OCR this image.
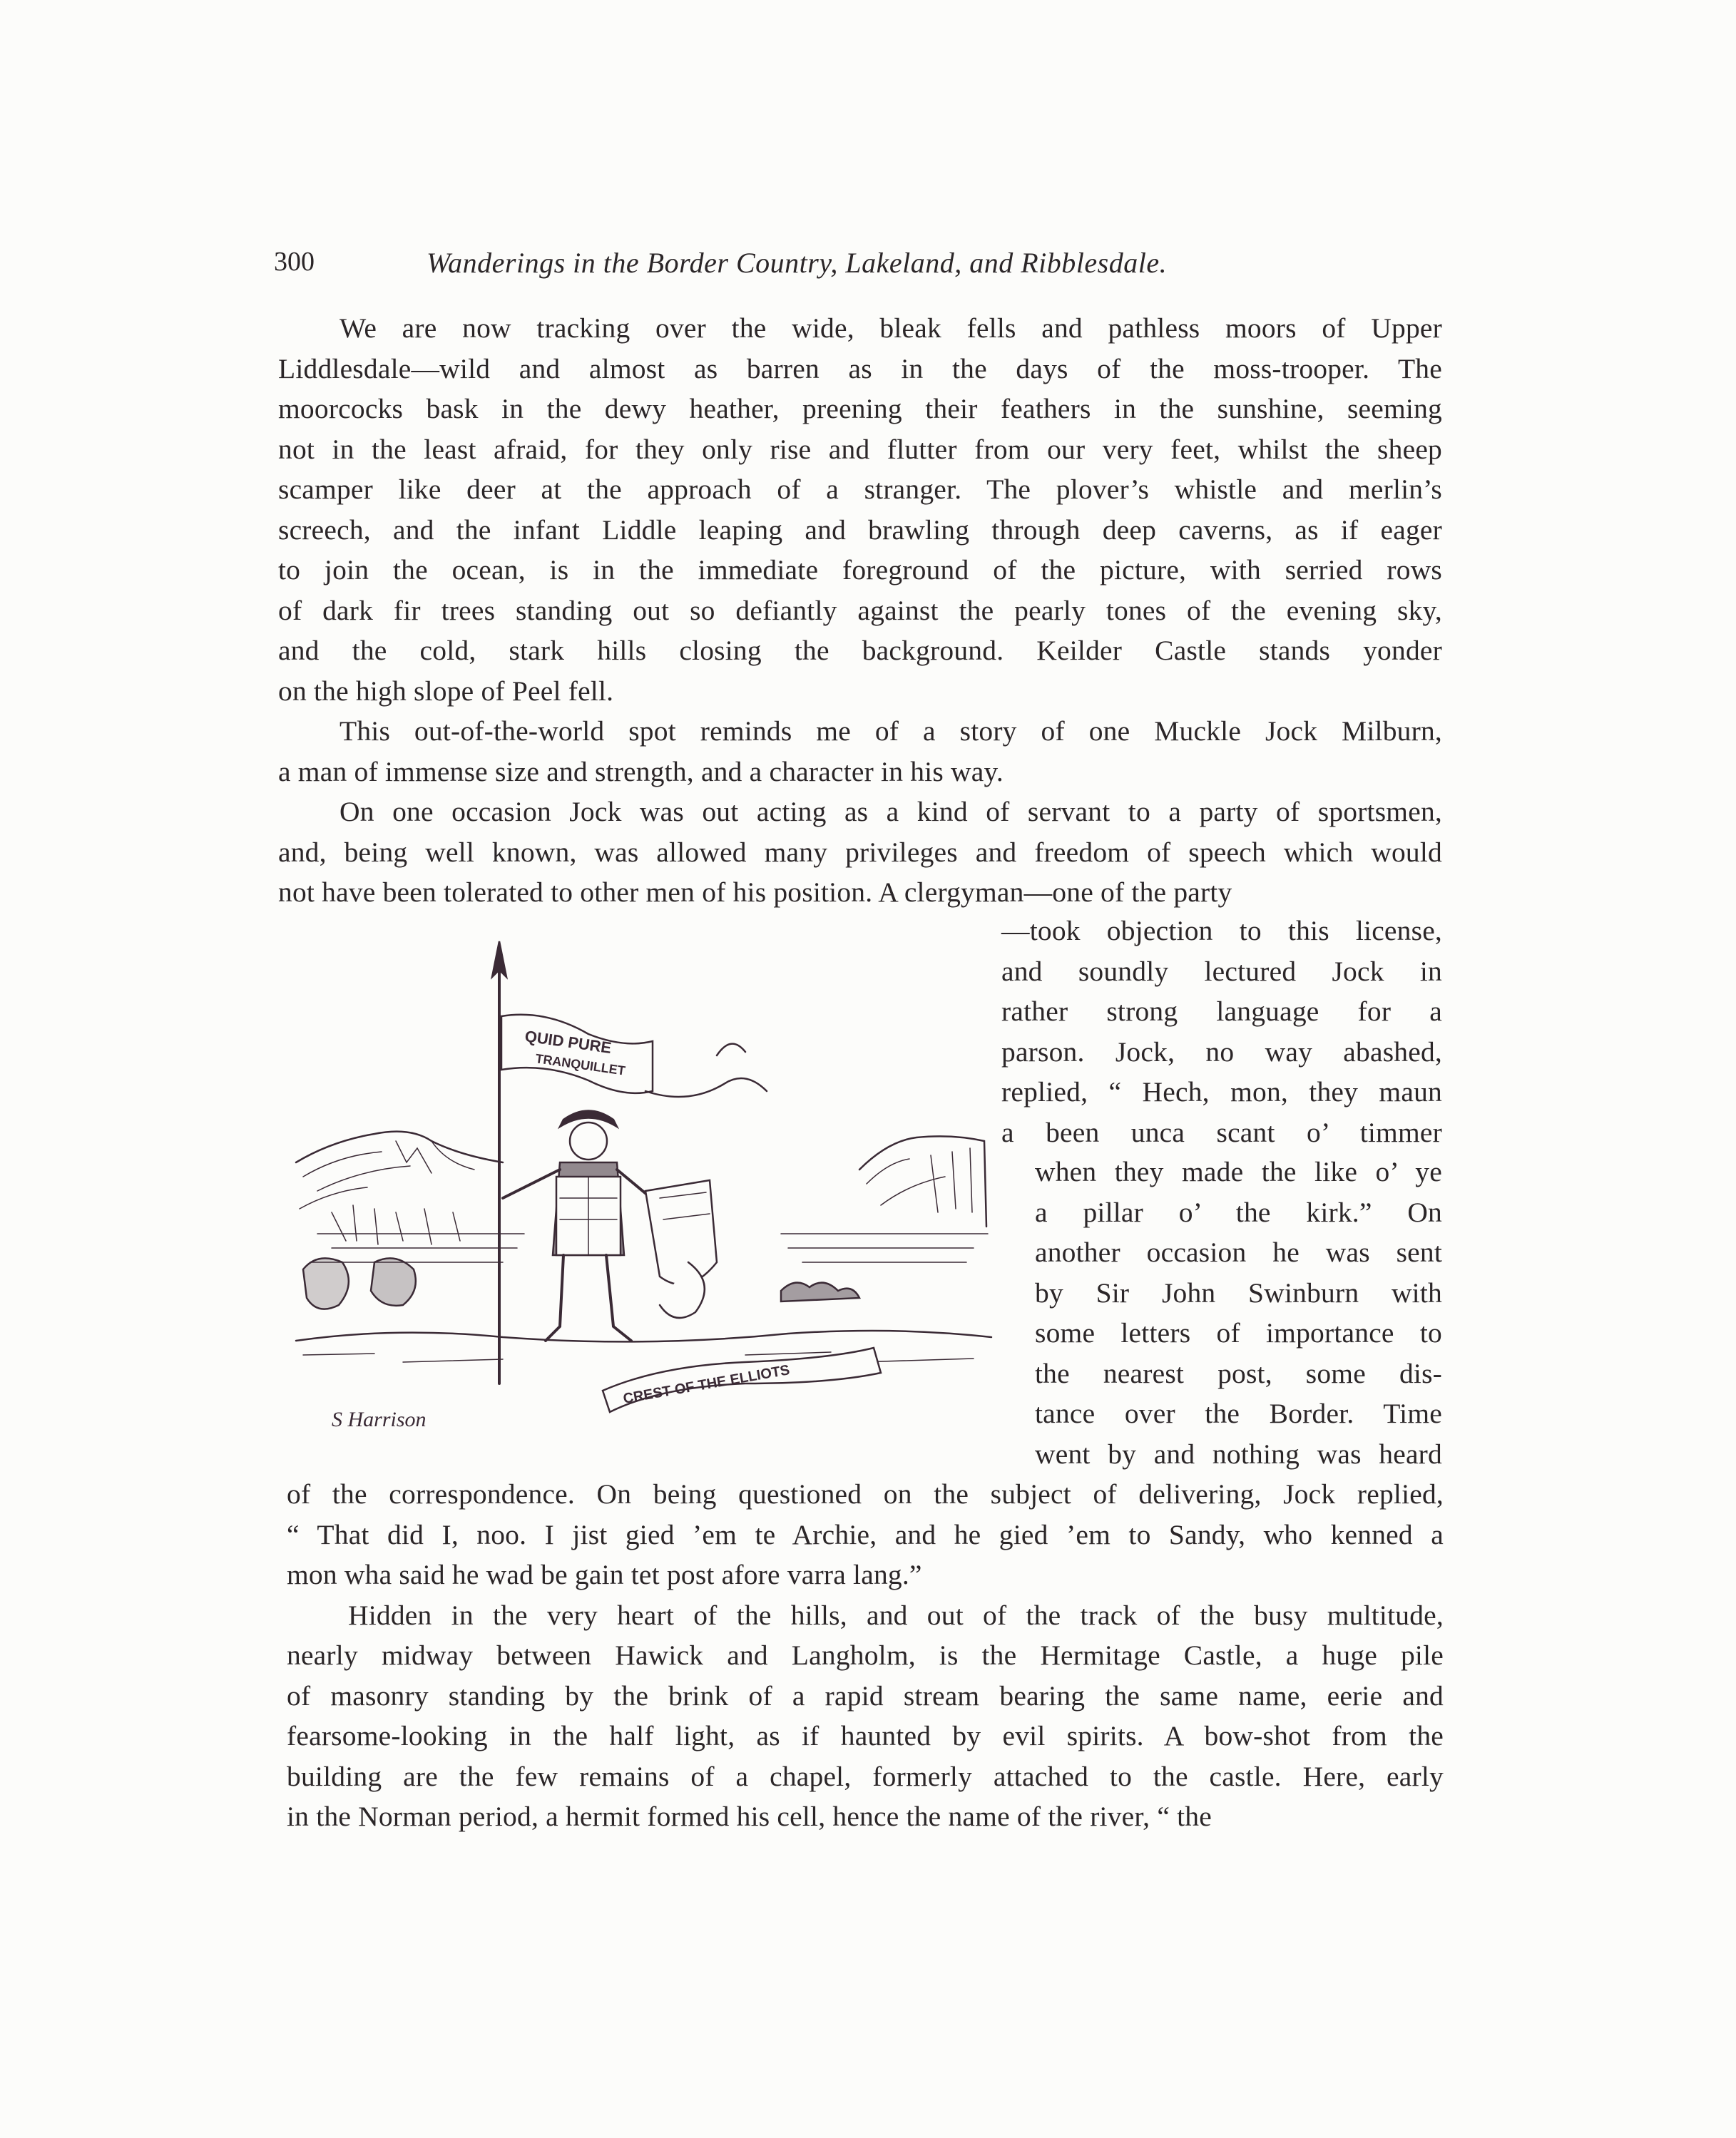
300	Wanderings in the Border Country, Lakeland, and Ribblesdale.

We are now tracking over the wide, bleak fells and pathless moors of Upper
Liddlesdale—wild and almost as barren as in the days of the moss-trooper. The
moorcocks bask in the dewy heather, preening their feathers in the sunshine, seeming
not in the least afraid, for they only rise and flutter from our very feet, whilst the sheep
scamper like deer at the approach of a stranger. The plover’s whistle and merlin’s
screech, and the infant Liddle leaping and brawling through deep caverns, as if eager
to join the ocean, is in the immediate foreground of the picture, with serried rows
of dark fir trees standing out so defiantly against the pearly tones of the evening sky,
and the cold, stark hills closing the background. Keilder Castle stands yonder
on the high slope of Peel fell.

This out-of-the-world spot reminds me of a story of one Muckle Jock Milburn,
a man of immense size and strength, and a character in his way.

On one occasion Jock was out acting as a kind of servant to a party of sportsmen,
and, being well known, was allowed many privileges and freedom of speech which would
not have been tolerated to other men of his position. A clergyman—one of the party

—took objection to this license,

and soundly lectured Jock in

rather strong language for a

parson. Jock, no way abashed,

replied, “ Hech, mon, they maun

a been unca scant o’ timmer

when they made the like o’ ye

a pillar o’ the kirk.” On

another occasion he was sent

by Sir John Swinburn with

some letters of importance to

the nearest post, some dis-

tance over the Border. Time

went by and nothing was heard

QUID PURE
TRANQUILLET
CREST OF THE ELLIOTS
S Harrison

of the correspondence. On being questioned on the subject of delivering, Jock replied,
“ That did I, noo. I jist gied ’em te Archie, and he gied ’em to Sandy, who kenned a
mon wha said he wad be gain tet post afore varra lang.”

Hidden in the very heart of the hills, and out of the track of the busy multitude,
nearly midway between Hawick and Langholm, is the Hermitage Castle, a huge pile
of masonry standing by the brink of a rapid stream bearing the same name, eerie and
fearsome-looking in the half light, as if haunted by evil spirits. A bow-shot from the
building are the few remains of a chapel, formerly attached to the castle. Here, early
in the Norman period, a hermit formed his cell, hence the name of the river, “ the
